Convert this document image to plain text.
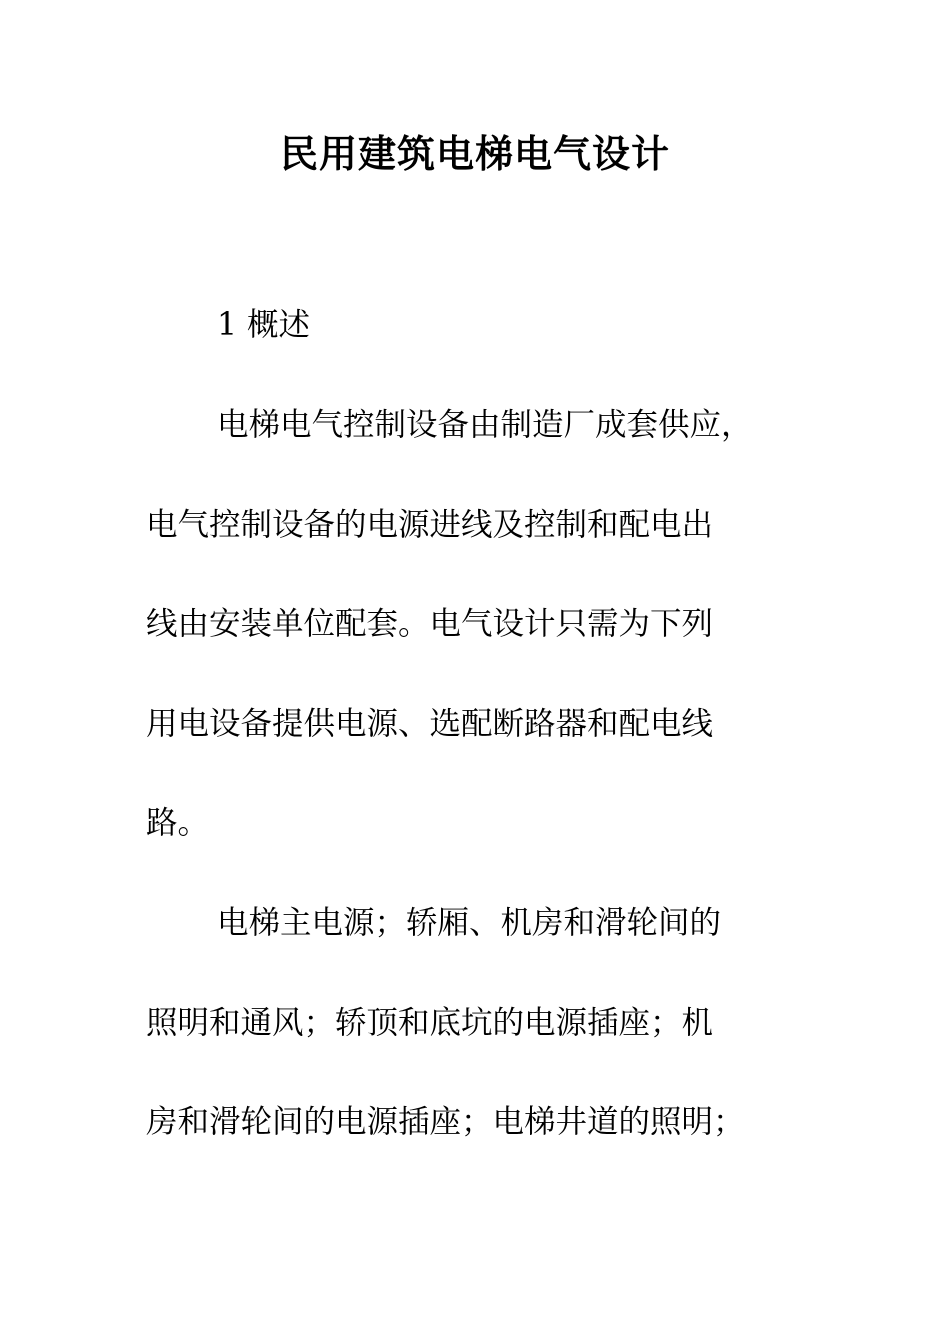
民用建筑电梯电气设计
1 概述
电梯电气控制设备由制造厂成套供应，
电气控制设备的电源进线及控制和配电出
线由安装单位配套。电气设计只需为下列
用电设备提供电源、选配断路器和配电线
路。
电梯主电源；轿厢、机房和滑轮间的
照明和通风；轿顶和底坑的电源插座；机
房和滑轮间的电源插座；电梯井道的照明；
